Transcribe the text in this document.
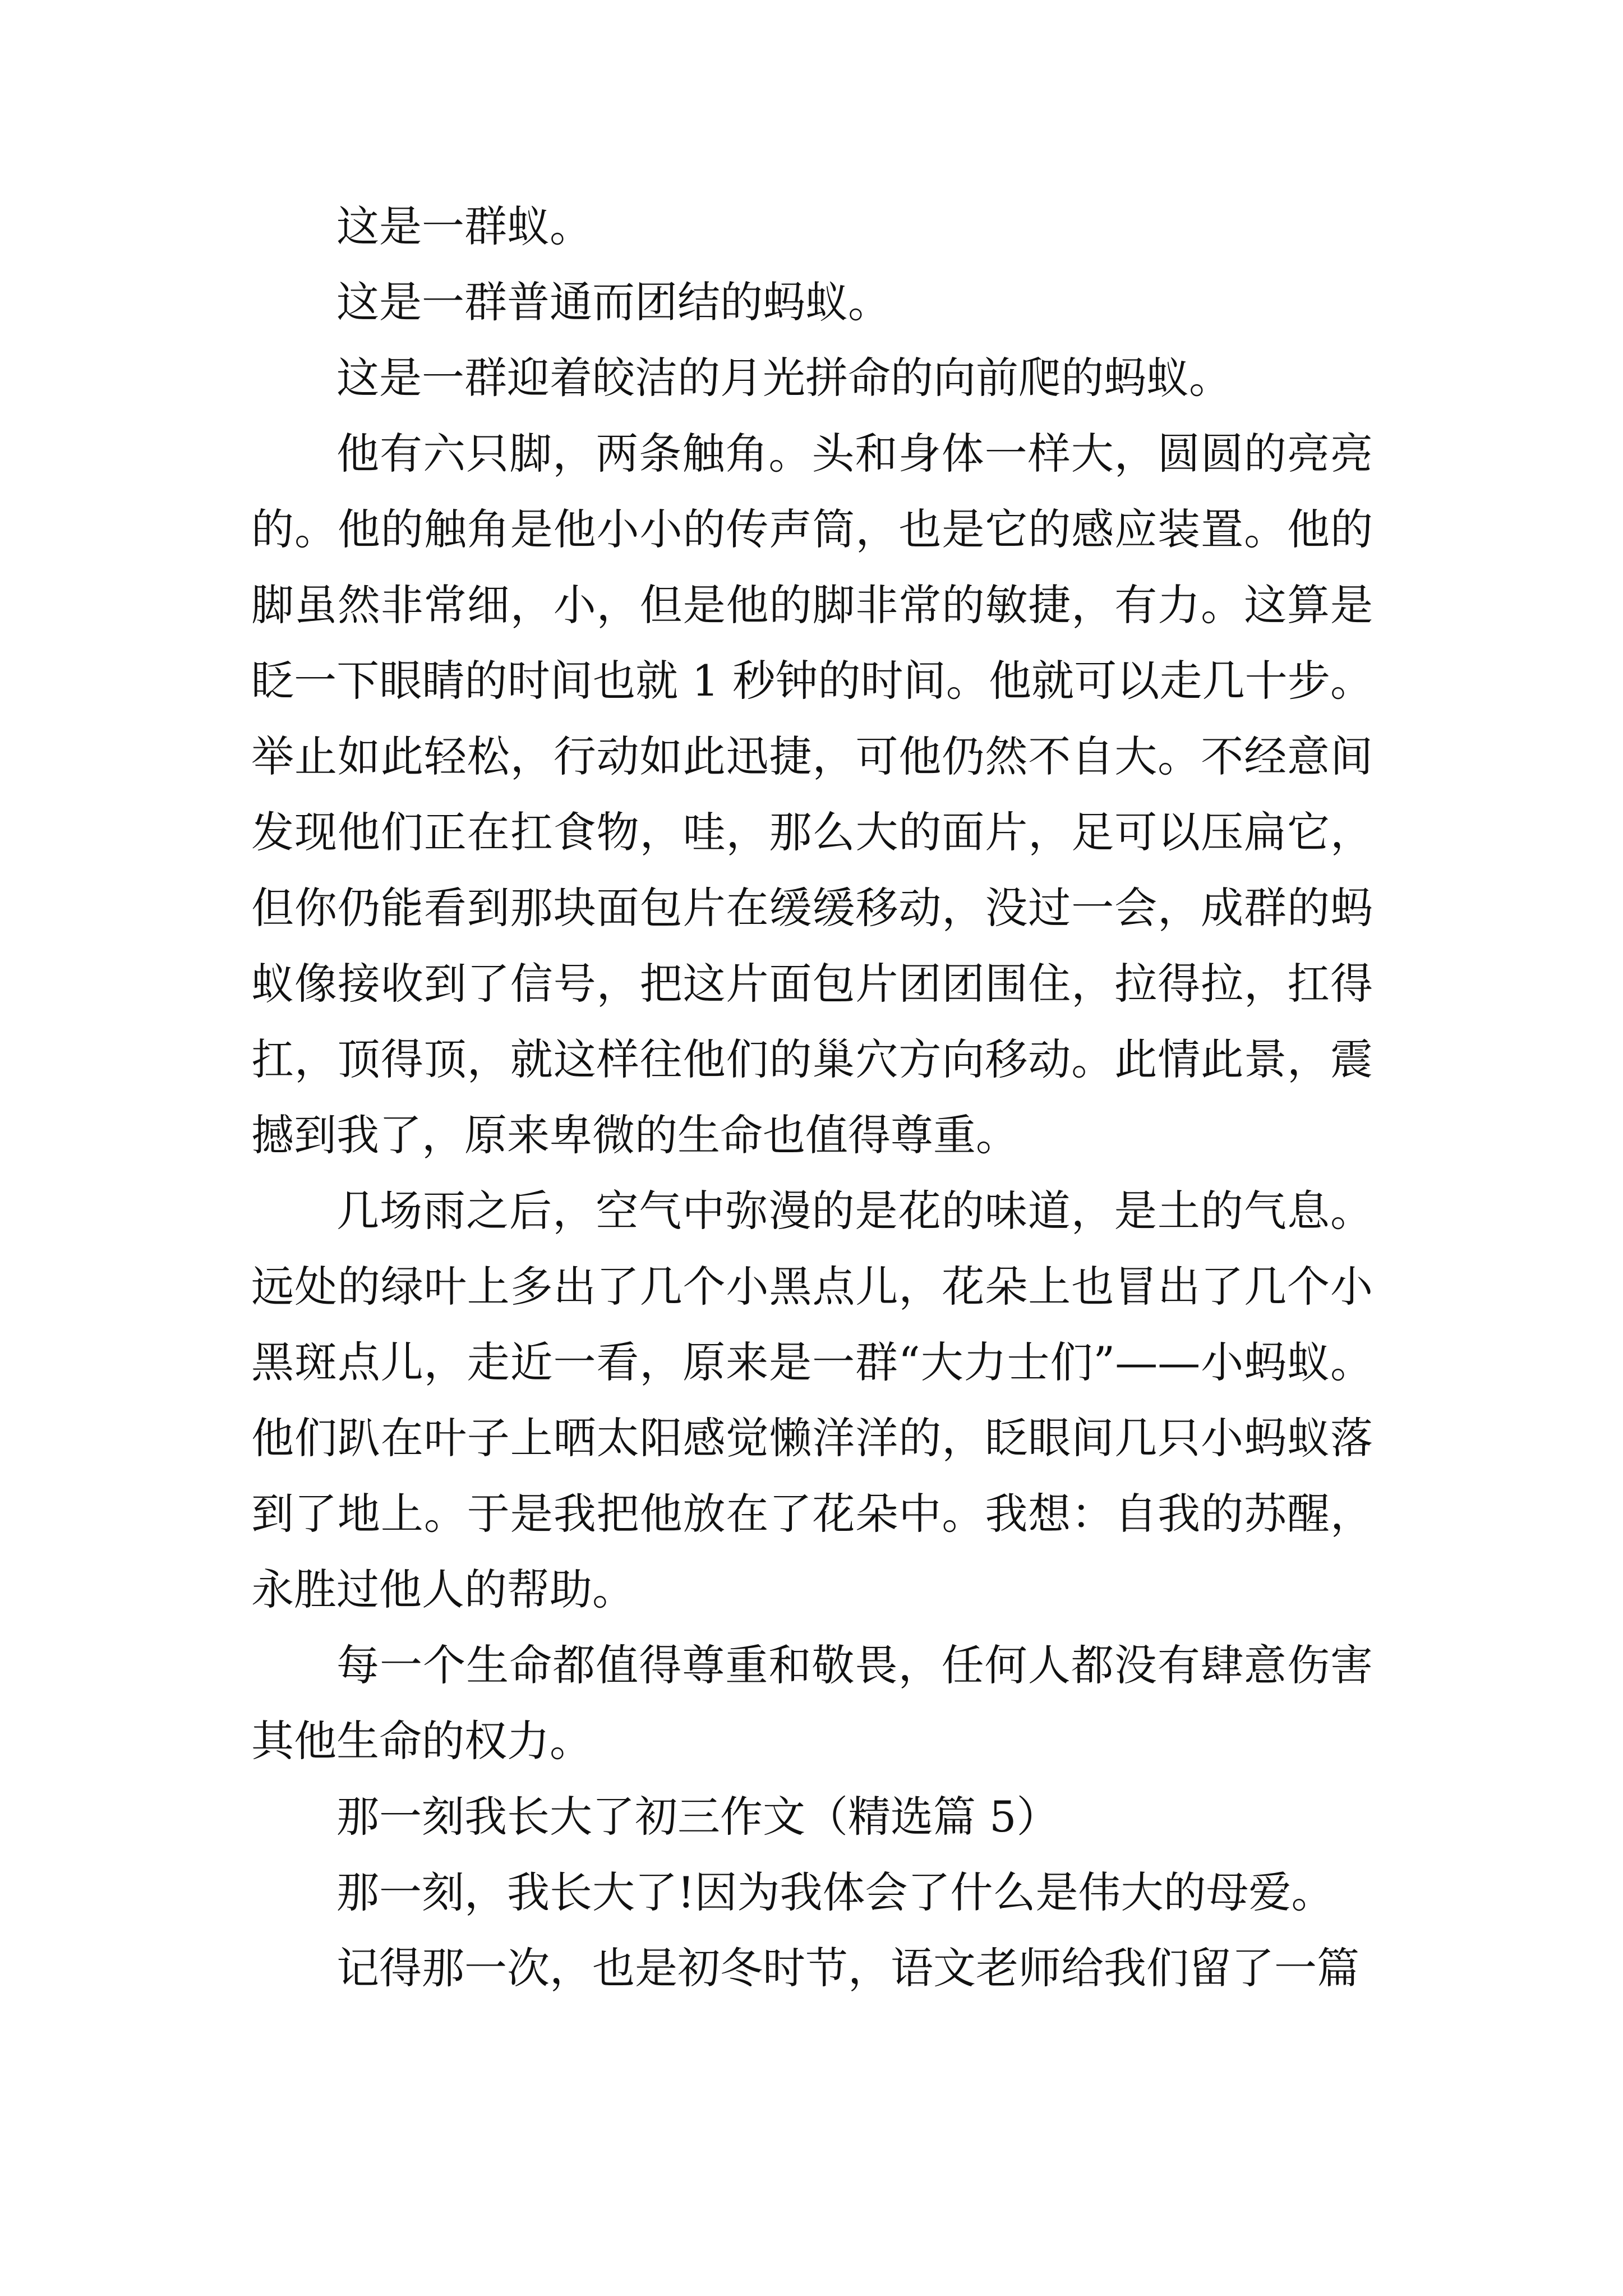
这是一群蚁。

这是一群普通而团结的蚂蚁。

这是一群迎着皎洁的月光拼命的向前爬的蚂蚁。

他有六只脚，两条触角。头和身体一样大，圆圆的亮亮的。他的触角是他小小的传声筒，也是它的感应装置。他的脚虽然非常细，小，但是他的脚非常的敏捷，有力。这算是眨一下眼睛的时间也就 1 秒钟的时间。他就可以走几十步。举止如此轻松，行动如此迅捷，可他仍然不自大。不经意间发现他们正在扛食物，哇，那么大的面片，足可以压扁它，但你仍能看到那块面包片在缓缓移动，没过一会，成群的蚂蚁像接收到了信号，把这片面包片团团围住，拉得拉，扛得扛，顶得顶，就这样往他们的巢穴方向移动。此情此景，震撼到我了，原来卑微的生命也值得尊重。

几场雨之后，空气中弥漫的是花的味道，是土的气息。远处的绿叶上多出了几个小黑点儿，花朵上也冒出了几个小黑斑点儿，走近一看，原来是一群“大力士们”——小蚂蚁。他们趴在叶子上晒太阳感觉懒洋洋的，眨眼间几只小蚂蚁落到了地上。于是我把他放在了花朵中。我想：自我的苏醒，永胜过他人的帮助。

每一个生命都值得尊重和敬畏，任何人都没有肆意伤害其他生命的权力。

那一刻我长大了初三作文（精选篇 5）

那一刻，我长大了!因为我体会了什么是伟大的母爱。

记得那一次，也是初冬时节，语文老师给我们留了一篇
